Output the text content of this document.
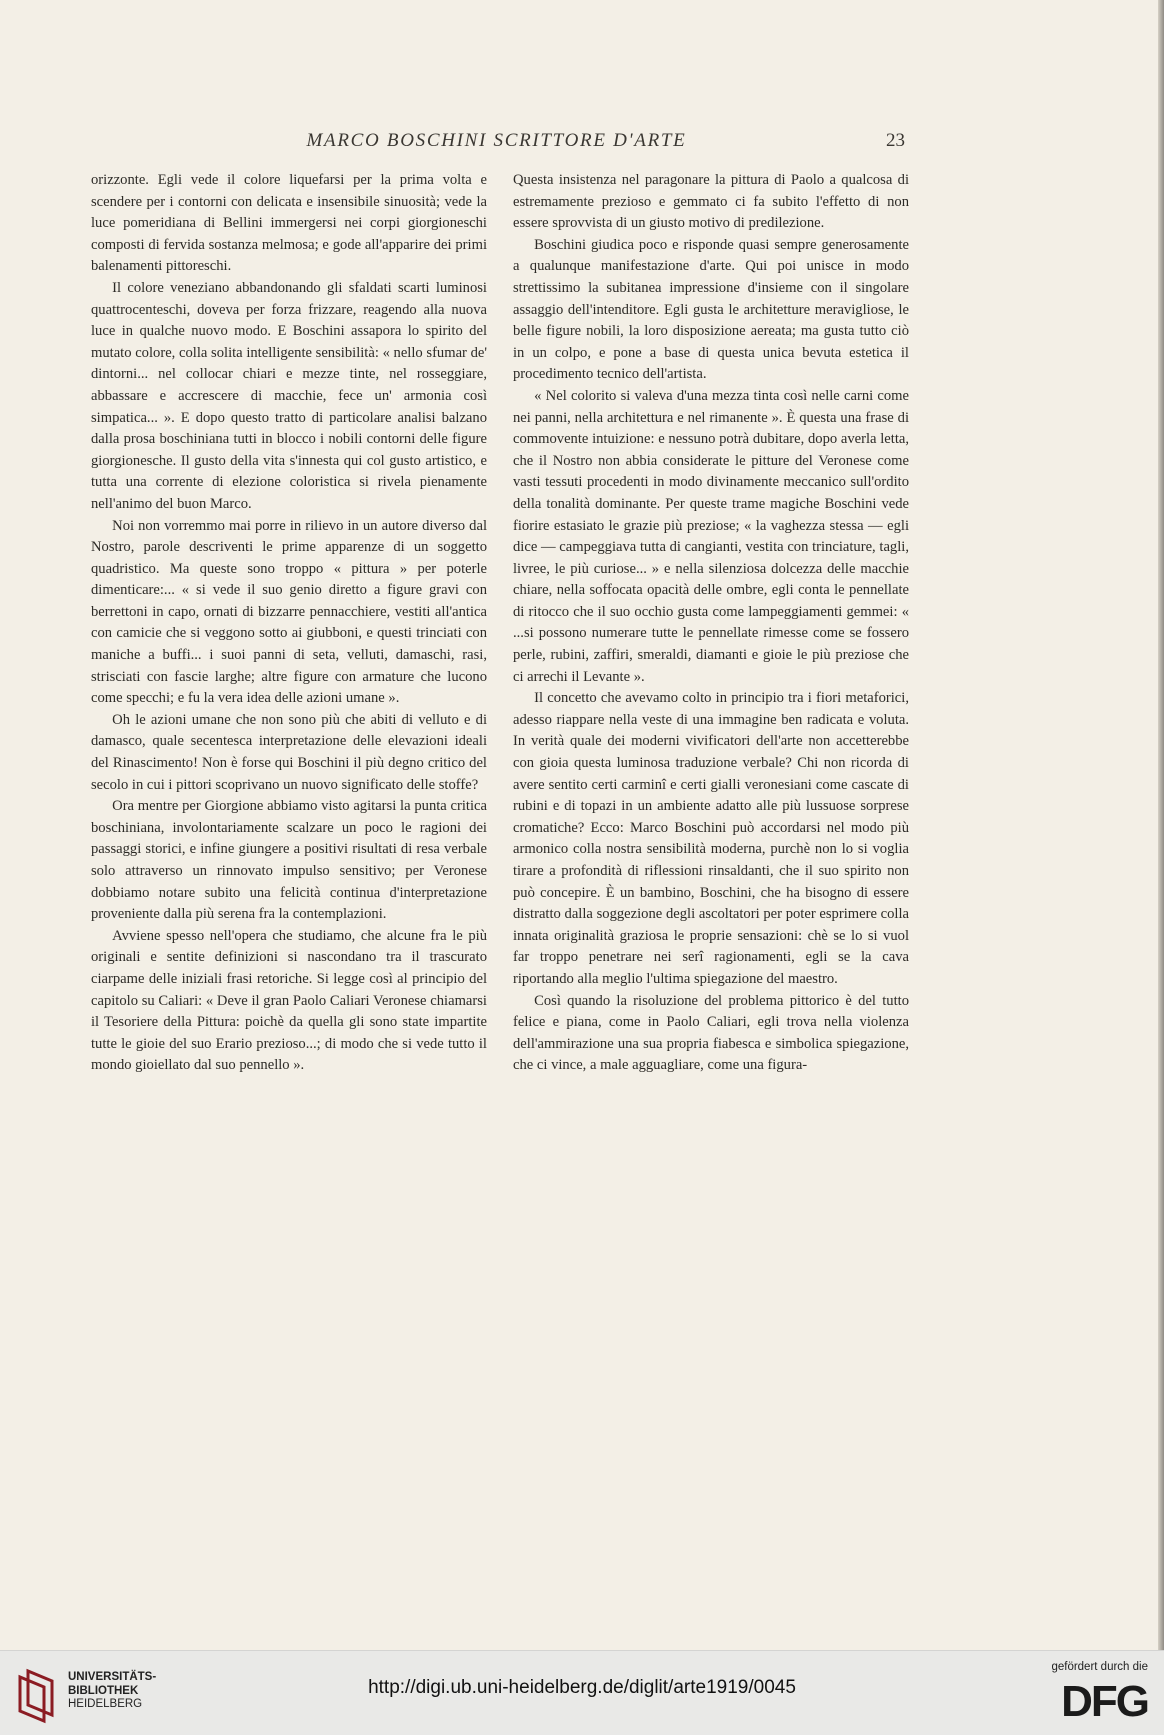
MARCO BOSCHINI SCRITTORE D'ARTE	23

orizzonte. Egli vede il colore liquefarsi per la prima volta e scendere per i contorni con delicata e insensibile sinuosità; vede la luce pomeridiana di Bellini immergersi nei corpi giorgioneschi composti di fervida sostanza melmosa; e gode all'apparire dei primi balenamenti pittoreschi.

Il colore veneziano abbandonando gli sfaldati scarti luminosi quattrocenteschi, doveva per forza frizzare, reagendo alla nuova luce in qualche nuovo modo. E Boschini assapora lo spirito del mutato colore, colla solita intelligente sensibilità: « nello sfumar de' dintorni... nel collocar chiari e mezze tinte, nel rosseggiare, abbassare e accrescere di macchie, fece un' armonia così simpatica... ». E dopo questo tratto di particolare analisi balzano dalla prosa boschiniana tutti in blocco i nobili contorni delle figure giorgionesche. Il gusto della vita s'innesta qui col gusto artistico, e tutta una corrente di elezione coloristica si rivela pienamente nell'animo del buon Marco.

Noi non vorremmo mai porre in rilievo in un autore diverso dal Nostro, parole descriventi le prime apparenze di un soggetto quadristico. Ma queste sono troppo « pittura » per poterle dimenticare:... « si vede il suo genio diretto a figure gravi con berrettoni in capo, ornati di bizzarre pennacchiere, vestiti all'antica con camicie che si veggono sotto ai giubboni, e questi trinciati con maniche a buffi... i suoi panni di seta, velluti, damaschi, rasi, strisciati con fascie larghe; altre figure con armature che lucono come specchi; e fu la vera idea delle azioni umane ».

Oh le azioni umane che non sono più che abiti di velluto e di damasco, quale secentesca interpretazione delle elevazioni ideali del Rinascimento! Non è forse qui Boschini il più degno critico del secolo in cui i pittori scoprivano un nuovo significato delle stoffe?

Ora mentre per Giorgione abbiamo visto agitarsi la punta critica boschiniana, involontariamente scalzare un poco le ragioni dei passaggi storici, e infine giungere a positivi risultati di resa verbale solo attraverso un rinnovato impulso sensitivo; per Veronese dobbiamo notare subito una felicità continua d'interpretazione proveniente dalla più serena fra la contemplazioni.

Avviene spesso nell'opera che studiamo, che alcune fra le più originali e sentite definizioni si nascondano tra il trascurato ciarpame delle iniziali frasi retoriche. Si legge così al principio del capitolo su Caliari: « Deve il gran Paolo Caliari Veronese chiamarsi il Tesoriere della Pittura: poichè da quella gli sono state impartite tutte le gioie del suo Erario prezioso...; di modo che si vede tutto il mondo gioiellato dal suo pennello ».

Questa insistenza nel paragonare la pittura di Paolo a qualcosa di estremamente prezioso e gemmato ci fa subito l'effetto di non essere sprovvista di un giusto motivo di predilezione.

Boschini giudica poco e risponde quasi sempre generosamente a qualunque manifestazione d'arte. Qui poi unisce in modo strettissimo la subitanea impressione d'insieme con il singolare assaggio dell'intenditore. Egli gusta le architetture meravigliose, le belle figure nobili, la loro disposizione aereata; ma gusta tutto ciò in un colpo, e pone a base di questa unica bevuta estetica il procedimento tecnico dell'artista.

« Nel colorito si valeva d'una mezza tinta così nelle carni come nei panni, nella architettura e nel rimanente ». È questa una frase di commovente intuizione: e nessuno potrà dubitare, dopo averla letta, che il Nostro non abbia considerate le pitture del Veronese come vasti tessuti procedenti in modo divinamente meccanico sull'ordito della tonalità dominante. Per queste trame magiche Boschini vede fiorire estasiato le grazie più preziose; « la vaghezza stessa — egli dice — campeggiava tutta di cangianti, vestita con trinciature, tagli, livree, le più curiose... » e nella silenziosa dolcezza delle macchie chiare, nella soffocata opacità delle ombre, egli conta le pennellate di ritocco che il suo occhio gusta come lampeggiamenti gemmei: « ...si possono numerare tutte le pennellate rimesse come se fossero perle, rubini, zaffiri, smeraldi, diamanti e gioie le più preziose che ci arrechi il Levante ».

Il concetto che avevamo colto in principio tra i fiori metaforici, adesso riappare nella veste di una immagine ben radicata e voluta. In verità quale dei moderni vivificatori dell'arte non accetterebbe con gioia questa luminosa traduzione verbale? Chi non ricorda di avere sentito certi carminî e certi gialli veronesiani come cascate di rubini e di topazi in un ambiente adatto alle più lussuose sorprese cromatiche? Ecco: Marco Boschini può accordarsi nel modo più armonico colla nostra sensibilità moderna, purchè non lo si voglia tirare a profondità di riflessioni rinsaldanti, che il suo spirito non può concepire. È un bambino, Boschini, che ha bisogno di essere distratto dalla soggezione degli ascoltatori per poter esprimere colla innata originalità graziosa le proprie sensazioni: chè se lo si vuol far troppo penetrare nei serî ragionamenti, egli se la cava riportando alla meglio l'ultima spiegazione del maestro.

Così quando la risoluzione del problema pittorico è del tutto felice e piana, come in Paolo Caliari, egli trova nella violenza dell'ammirazione una sua propria fiabesca e simbolica spiegazione, che ci vince, a male agguagliare, come una figura-

UNIVERSITÄTS-
BIBLIOTHEK
HEIDELBERG
http://digi.ub.uni-heidelberg.de/diglit/arte1919/0045
gefördert durch die
DFG
